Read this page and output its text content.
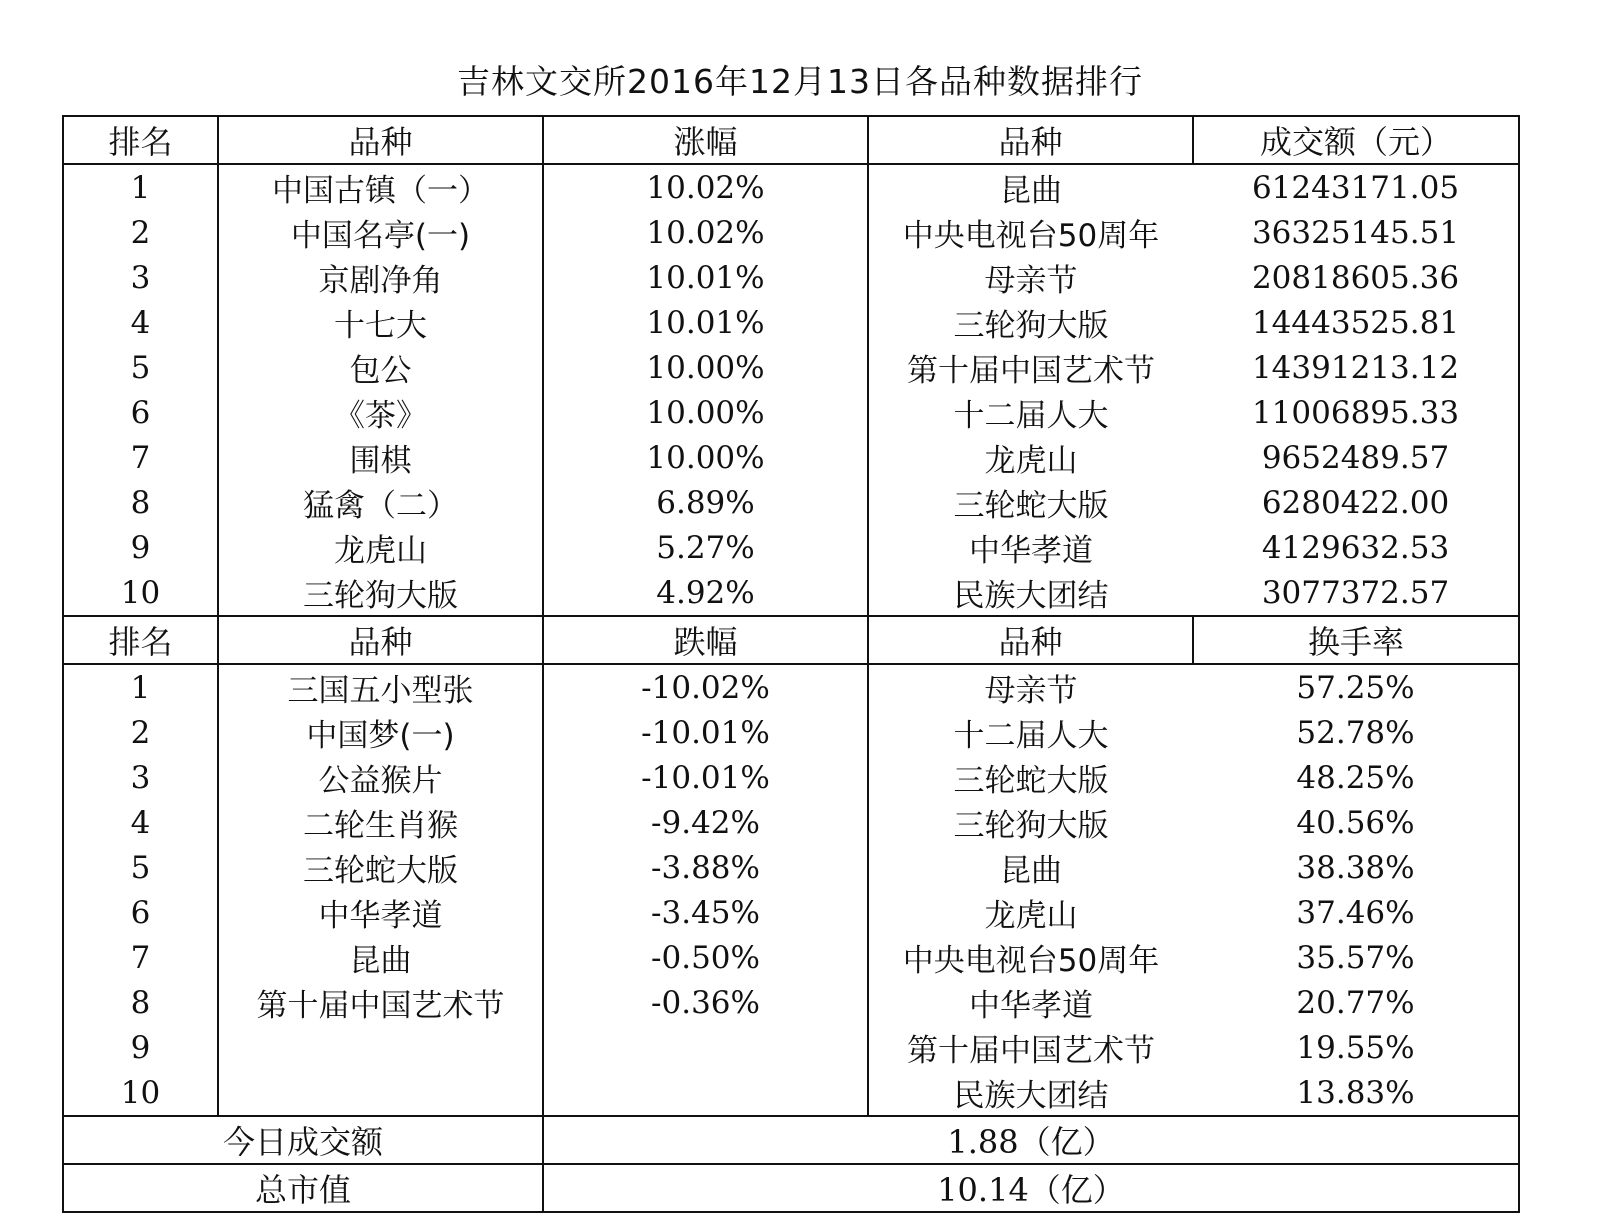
吉林文交所2016年12月13日各品种数据排行
排名	品种	涨幅	品种	成交额（元）
1	中国古镇（一）	10.02%	昆曲	61243171.05
2	中国名亭(一)	10.02%	中央电视台50周年	36325145.51
3	京剧净角	10.01%	母亲节	20818605.36
4	十七大	10.01%	三轮狗大版	14443525.81
5	包公	10.00%	第十届中国艺术节	14391213.12
6	《茶》	10.00%	十二届人大	11006895.33
7	围棋	10.00%	龙虎山	9652489.57
8	猛禽（二）	6.89%	三轮蛇大版	6280422.00
9	龙虎山	5.27%	中华孝道	4129632.53
10	三轮狗大版	4.92%	民族大团结	3077372.57
排名	品种	跌幅	品种	换手率
1	三国五小型张	-10.02%	母亲节	57.25%
2	中国梦(一)	-10.01%	十二届人大	52.78%
3	公益猴片	-10.01%	三轮蛇大版	48.25%
4	二轮生肖猴	-9.42%	三轮狗大版	40.56%
5	三轮蛇大版	-3.88%	昆曲	38.38%
6	中华孝道	-3.45%	龙虎山	37.46%
7	昆曲	-0.50%	中央电视台50周年	35.57%
8	第十届中国艺术节	-0.36%	中华孝道	20.77%
9			第十届中国艺术节	19.55%
10			民族大团结	13.83%
今日成交额		1.88（亿）		
总市值		10.14（亿）		
